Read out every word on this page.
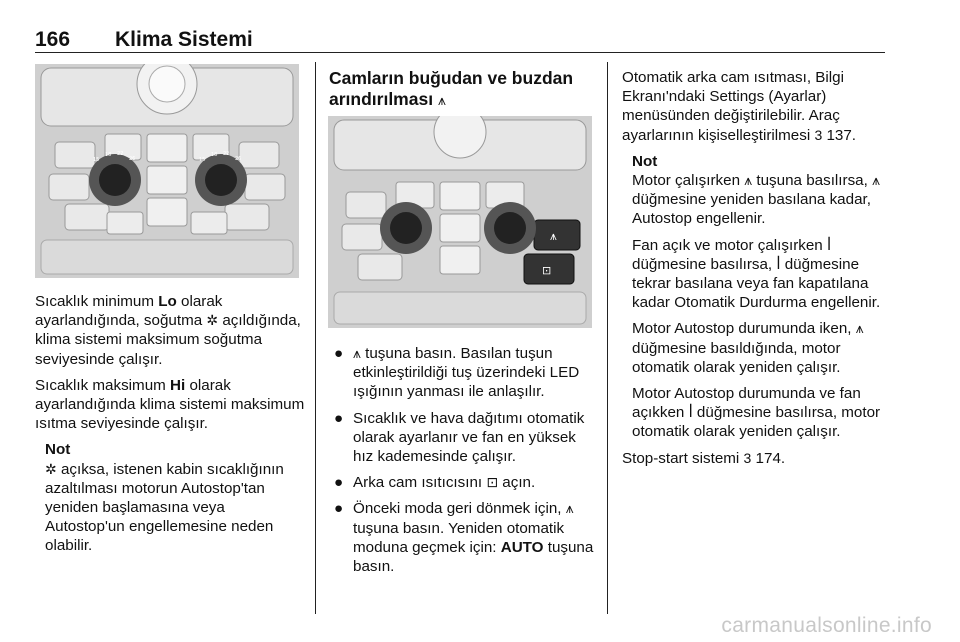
166 Klima Sistemi
15
18 22
26	15
18 22
26

Sıcaklık minimum Lo olarak ayarlandığında, soğutma ✲ açıldığında, klima sistemi maksimum soğutma seviyesinde çalışır.

Sıcaklık maksimum Hi olarak ayarlandığında klima sistemi maksimum ısıtma seviyesinde çalışır.

Not

✲ açıksa, istenen kabin sıcaklığının azaltılması motorun Autostop'tan yeniden başlamasına veya Autostop'un engellemesine neden olabilir.

Camların buğudan ve buzdan arındırılması ⩚
⩚
⊡
● ⩚ tuşuna basın. Basılan tuşun etkinleştirildiği tuş üzerindeki LED ışığının yanması ile anlaşılır.
● Sıcaklık ve hava dağıtımı otomatik olarak ayarlanır ve fan en yüksek hız kademesinde çalışır.
● Arka cam ısıtıcısını ⊡ açın.
● Önceki moda geri dönmek için, ⩚ tuşuna basın. Yeniden otomatik moduna geçmek için: AUTO tuşuna basın.

Otomatik arka cam ısıtması, Bilgi Ekranı'ndaki Settings (Ayarlar) menüsünden değiştirilebilir. Araç ayarlarının kişiselleştirilmesi 3 137.

Not

Motor çalışırken ⩚ tuşuna basılırsa, ⩚ düğmesine yeniden basılana kadar, Autostop engellenir.

Fan açık ve motor çalışırken ꟾ düğmesine basılırsa, ꟾ düğmesine tekrar basılana veya fan kapatılana kadar Otomatik Durdurma engellenir.

Motor Autostop durumunda iken, ⩚ düğmesine basıldığında, motor otomatik olarak yeniden çalışır.

Motor Autostop durumunda ve fan açıkken ꟾ düğmesine basılırsa, motor otomatik olarak yeniden çalışır.

Stop-start sistemi 3 174.

carmanualsonline.info
